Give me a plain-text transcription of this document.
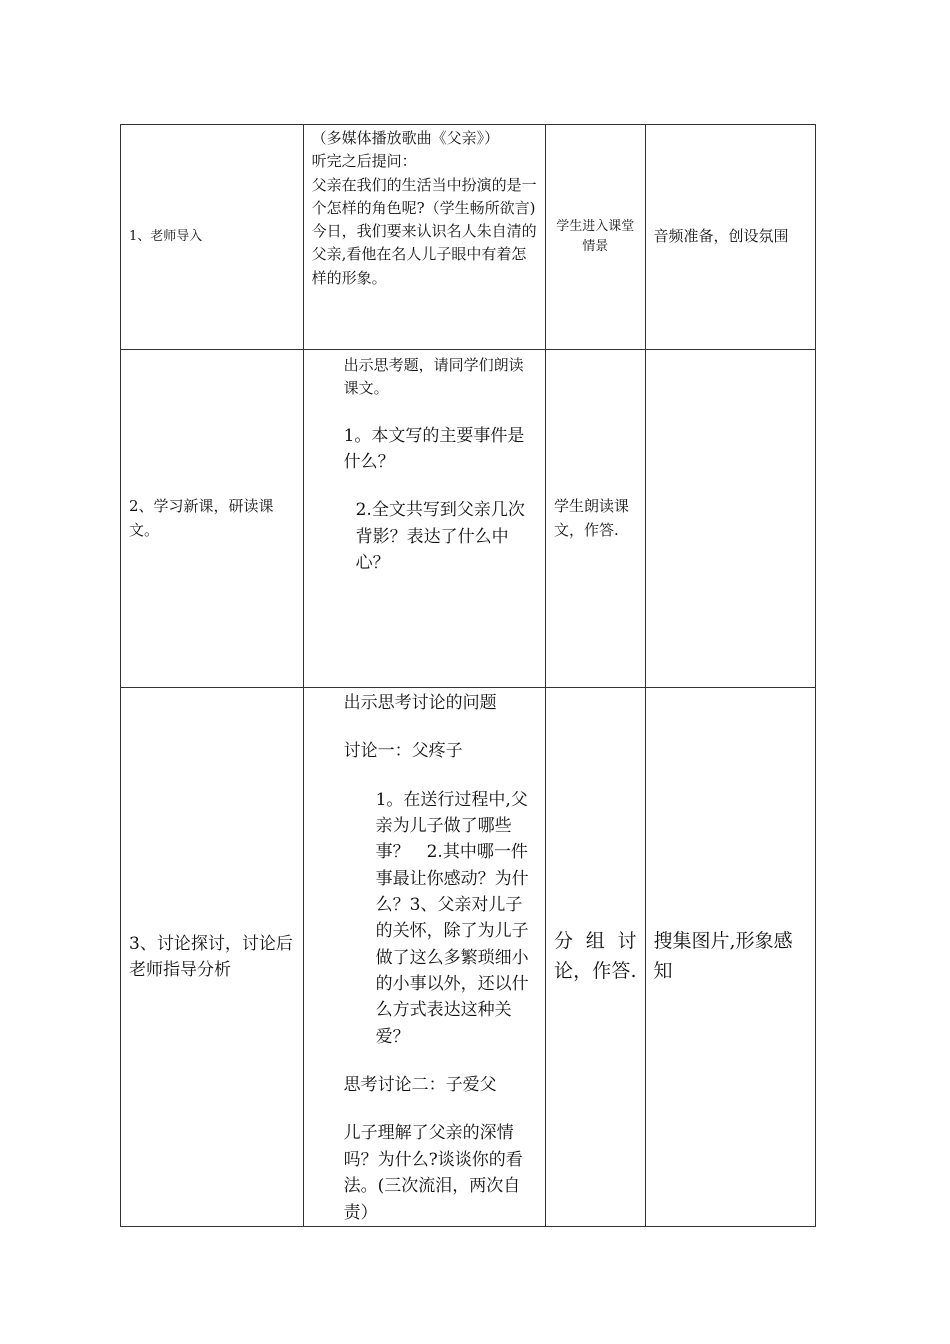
1、老师导入	（多媒体播放歌曲《父亲》）
听完之后提问：
父亲在我们的生活当中扮演的是一个怎样的角色呢?（学生畅所欲言)
今日，我们要来认识名人朱自清的父亲,看他在名人儿子眼中有着怎样的形象。	学生进入课堂情景	音频准备，创设氛围
2、学习新课，研读课文。	出示思考题，请同学们朗读课文。
1。本文写的主要事件是什么？
2.全文共写到父亲几次背影？表达了什么中心？	学生朗读课文，作答.	
3、讨论探讨，讨论后老师指导分析	出示思考讨论的问题
讨论一：父疼子
1。在送行过程中,父亲为儿子做了哪些事？　2.其中哪一件事最让你感动？为什么？3、父亲对儿子的关怀，除了为儿子做了这么多繁琐细小的小事以外，还以什么方式表达这种关爱？
思考讨论二：子爱父
儿子理解了父亲的深情吗？为什么?谈谈你的看法。(三次流泪，两次自责）	分组讨论，作答.	搜集图片,形象感知
